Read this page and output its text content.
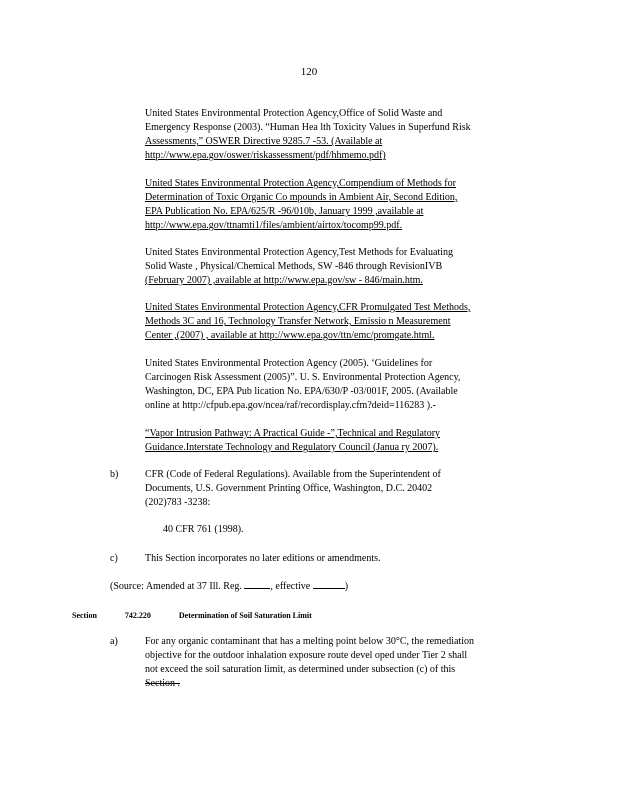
120
United States Environmental Protection Agency,Office of Solid Waste and
Emergency Response (2003). “Human Hea lth Toxicity Values in Superfund Risk
Assessments,” OSWER Directive 9285.7 -53. (Available at
http://www.epa.gov/oswer/riskassessment/pdf/hhmemo.pdf)
United States Environmental Protection Agency,Compendium of Methods for
Determination of Toxic Organic Co mpounds in Ambient Air, Second Edition,
EPA Publication No. EPA/625/R -96/010b, January 1999 ,available at
http://www.epa.gov/ttnamti1/files/ambient/airtox/tocomp99.pdf.
United States Environmental Protection Agency,Test Methods for Evaluating
Solid Waste , Physical/Chemical Methods, SW -846 through RevisionIVB
(February 2007) ,available at http://www.epa.gov/sw - 846/main.htm.
United States Environmental Protection Agency,CFR Promulgated Test Methods,
Methods 3C and 16, Technology Transfer Network, Emissio n Measurement
Center ,(2007) , available at http://www.epa.gov/ttn/emc/promgate.html.
United States Environmental Protection Agency (2005). ‘Guidelines for
Carcinogen Risk Assessment (2005)”. U. S. Environmental Protection Agency,
Washington, DC, EPA Pub lication No. EPA/630/P -03/001F, 2005. (Available
online at http://cfpub.epa.gov/ncea/raf/recordisplay.cfm?deid=116283 ).-
“Vapor Intrusion Pathway: A Practical Guide -”,Technical and Regulatory
Guidance.Interstate Technology and Regulatory Council (Janua ry 2007).
b)	CFR (Code of Federal Regulations). Available from the Superintendent of
Documents, U.S. Government Printing Office, Washington, D.C. 20402
(202)783 -3238:
40 CFR 761 (1998).
c)	This Section incorporates no later editions or amendments.
(Source: Amended at 37 Ill. Reg.	, effective	)
Section	742.220	Determination of Soil Saturation Limit
a)	For any organic contaminant that has a melting point below 30°C, the remediation
objective for the outdoor inhalation exposure route devel oped under Tier 2 shall
not exceed the soil saturation limit, as determined under subsection (c) of this
Section .
